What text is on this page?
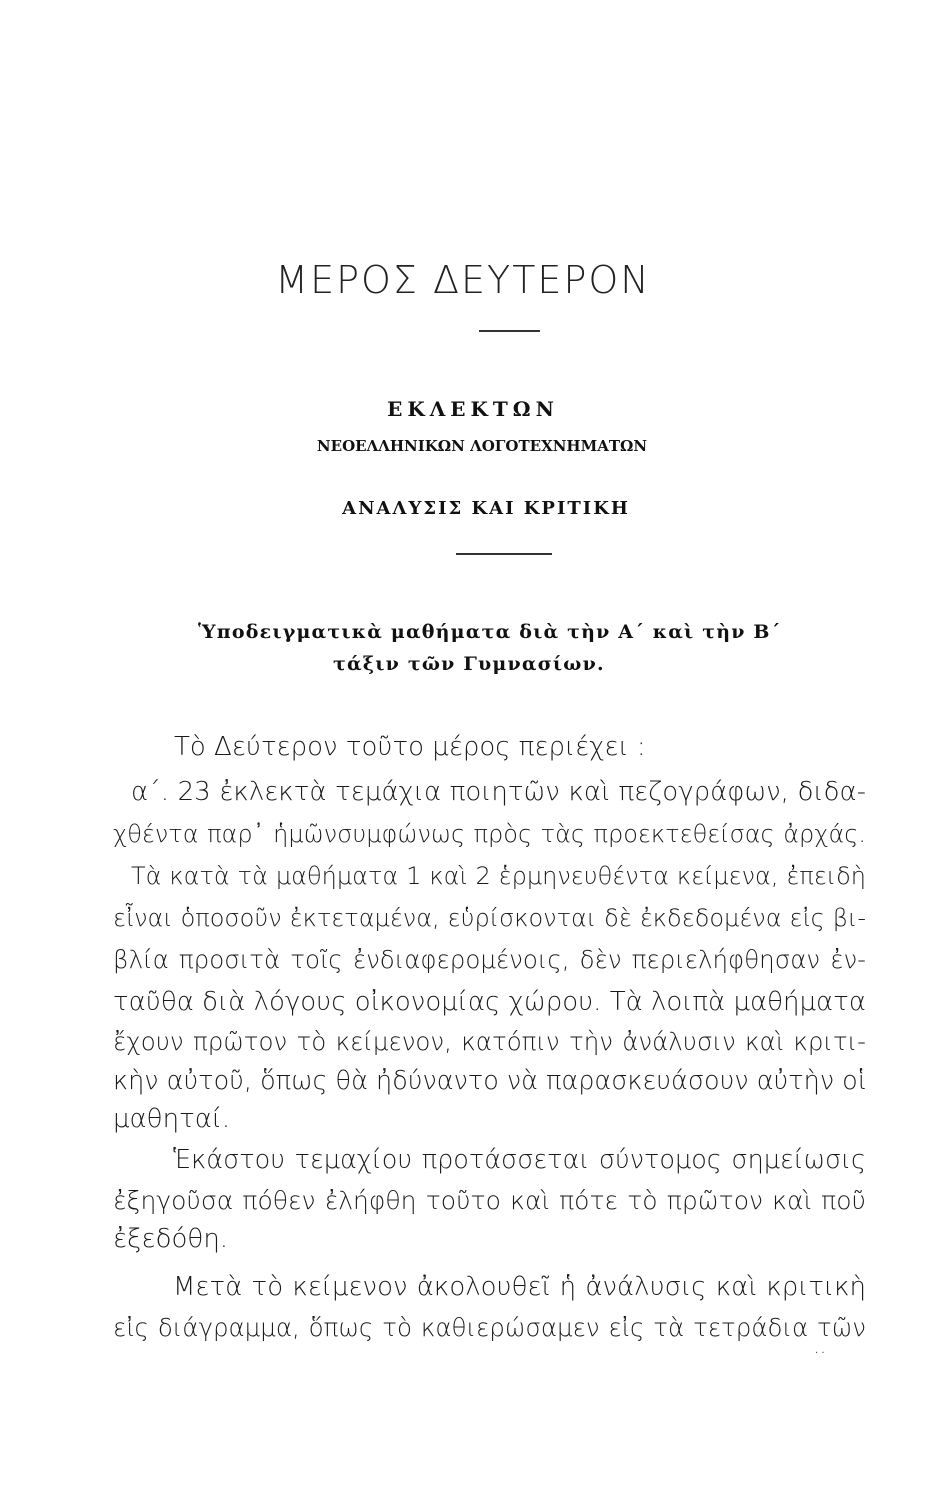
ΜΕΡΟΣ ΔΕΥΤΕΡΟΝ
ΕΚΛΕΚΤΩΝ
ΝΕΟΕΛΛΗΝΙΚΩΝ ΛΟΓΟΤΕΧΝΗΜΑΤΩΝ
ΑΝΑΛΥΣΙΣ ΚΑΙ ΚΡΙΤΙΚΗ
Ὑποδειγματικὰ μαθήματα διὰ τὴν Α΄ καὶ τὴν Β΄
τάξιν τῶν Γυμνασίων.
Τὸ Δεύτερον τοῦτο μέρος περιέχει :
α΄. 23 ἐκλεκτὰ τεμάχια ποιητῶν καὶ πεζογράφων, διδα-
χθέντα παρ᾿ ἡμῶνσυμφώνως πρὸς τὰς προεκτεθείσας ἀρχάς.
Τὰ κατὰ τὰ μαθήματα 1 καὶ 2 ἑρμηνευθέντα κείμενα, ἐπειδὴ
εἶναι ὁποσοῦν ἐκτεταμένα, εὑρίσκονται δὲ ἐκδεδομένα εἰς βι-
βλία προσιτὰ τοῖς ἐνδιαφερομένοις, δὲν περιελήφθησαν ἐν-
ταῦθα διὰ λόγους οἰκονομίας χώρου. Τὰ λοιπὰ μαθήματα
ἔχουν πρῶτον τὸ κείμενον, κατόπιν τὴν ἀνάλυσιν καὶ κριτι-
κὴν αὐτοῦ, ὅπως θὰ ἠδύναντο νὰ παρασκευάσουν αὐτὴν οἱ
μαθηταί.
Ἑκάστου τεμαχίου προτάσσεται σύντομος σημείωσις
ἐξηγοῦσα πόθεν ἐλήφθη τοῦτο καὶ πότε τὸ πρῶτον καὶ ποῦ
ἐξεδόθη.
Μετὰ τὸ κείμενον ἀκολουθεῖ ἡ ἀνάλυσις καὶ κριτικὴ
εἰς διάγραμμα, ὅπως τὸ καθιερώσαμεν εἰς τὰ τετράδια τῶν
· ·
